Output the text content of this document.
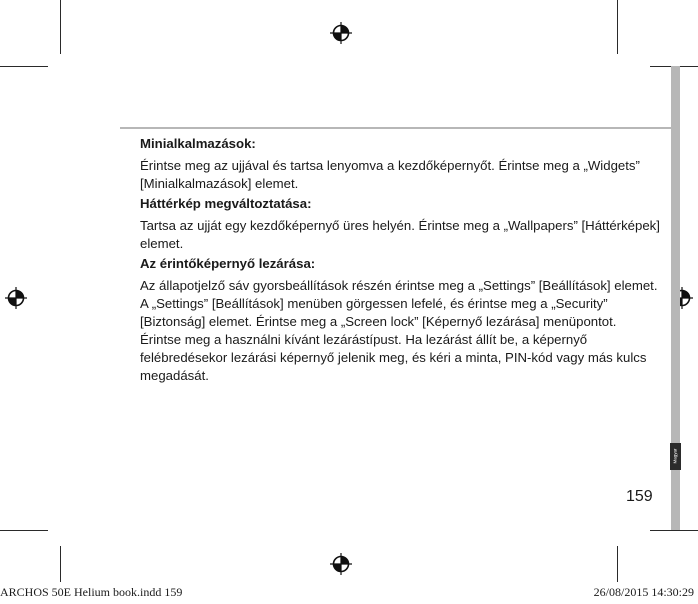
Minialkalmazások:

Érintse meg az ujjával és tartsa lenyomva a kezdőképernyőt. Érintse meg a „Widgets” [Minialkalmazások] elemet.

Háttérkép megváltoztatása:

Tartsa az ujját egy kezdőképernyő üres helyén. Érintse meg a „Wallpapers” [Háttérképek] elemet.

Az érintőképernyő lezárása:

Az állapotjelző sáv gyorsbeállítások részén érintse meg a „Settings” [Beállítások] elemet. A „Settings” [Beállítások] menüben görgessen lefelé, és érintse meg a „Security” [Biztonság] elemet. Érintse meg a „Screen lock” [Képernyő lezárása] menüpontot. Érintse meg a használni kívánt lezárástípust. Ha lezárást állít be, a képernyő felébredésekor lezárási képernyő jelenik meg, és kéri a minta, PIN-kód vagy más kulcs megadását.

Magyar
159
ARCHOS 50E Helium book.indd 159	26/08/2015 14:30:29
